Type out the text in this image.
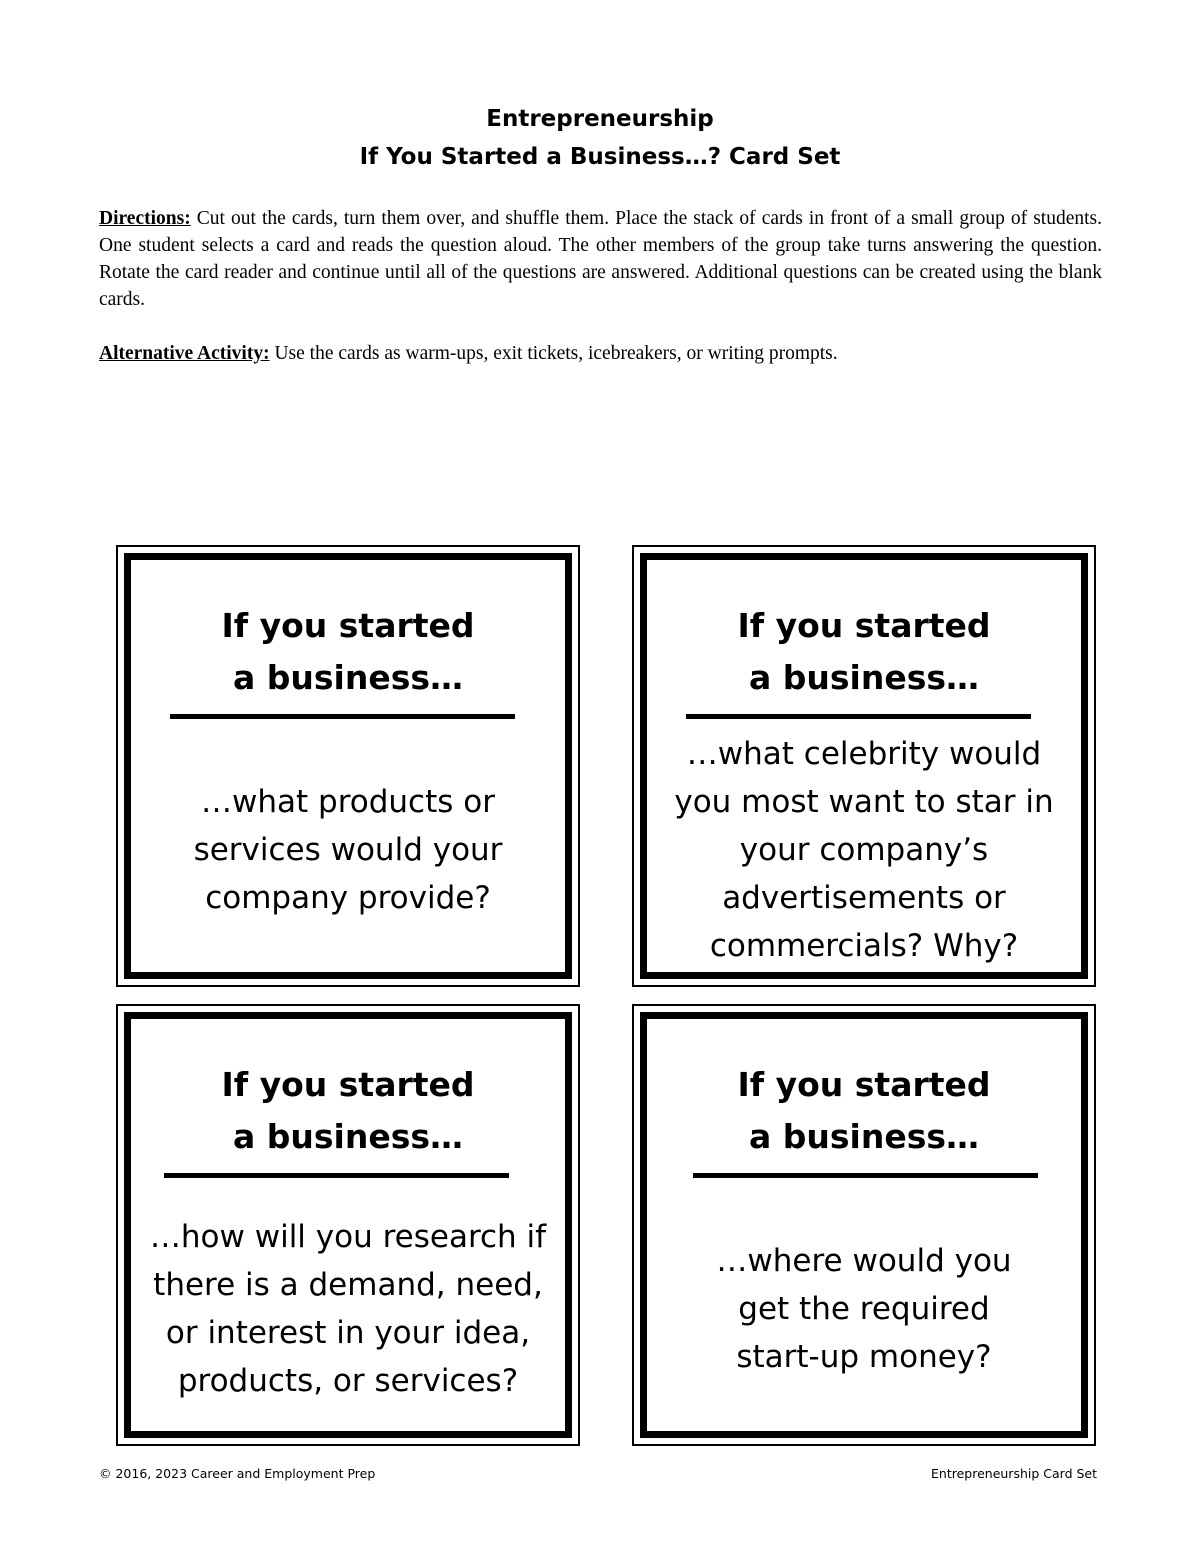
Entrepreneurship
If You Started a Business…? Card Set
Directions: Cut out the cards, turn them over, and shuffle them. Place the stack of cards in front of a small group of students. One student selects a card and reads the question aloud. The other members of the group take turns answering the question. Rotate the card reader and continue until all of the questions are answered. Additional questions can be created using the blank cards.
Alternative Activity: Use the cards as warm-ups, exit tickets, icebreakers, or writing prompts.
If you started
a business…
…what products or services would your company provide?
If you started
a business…
…what celebrity would you most want to star in your company’s advertisements or commercials? Why?
If you started
a business…
…how will you research if there is a demand, need, or interest in your idea, products, or services?
If you started
a business…
…where would you get the required start-up money?
© 2016, 2023 Career and Employment Prep	Entrepreneurship Card Set
